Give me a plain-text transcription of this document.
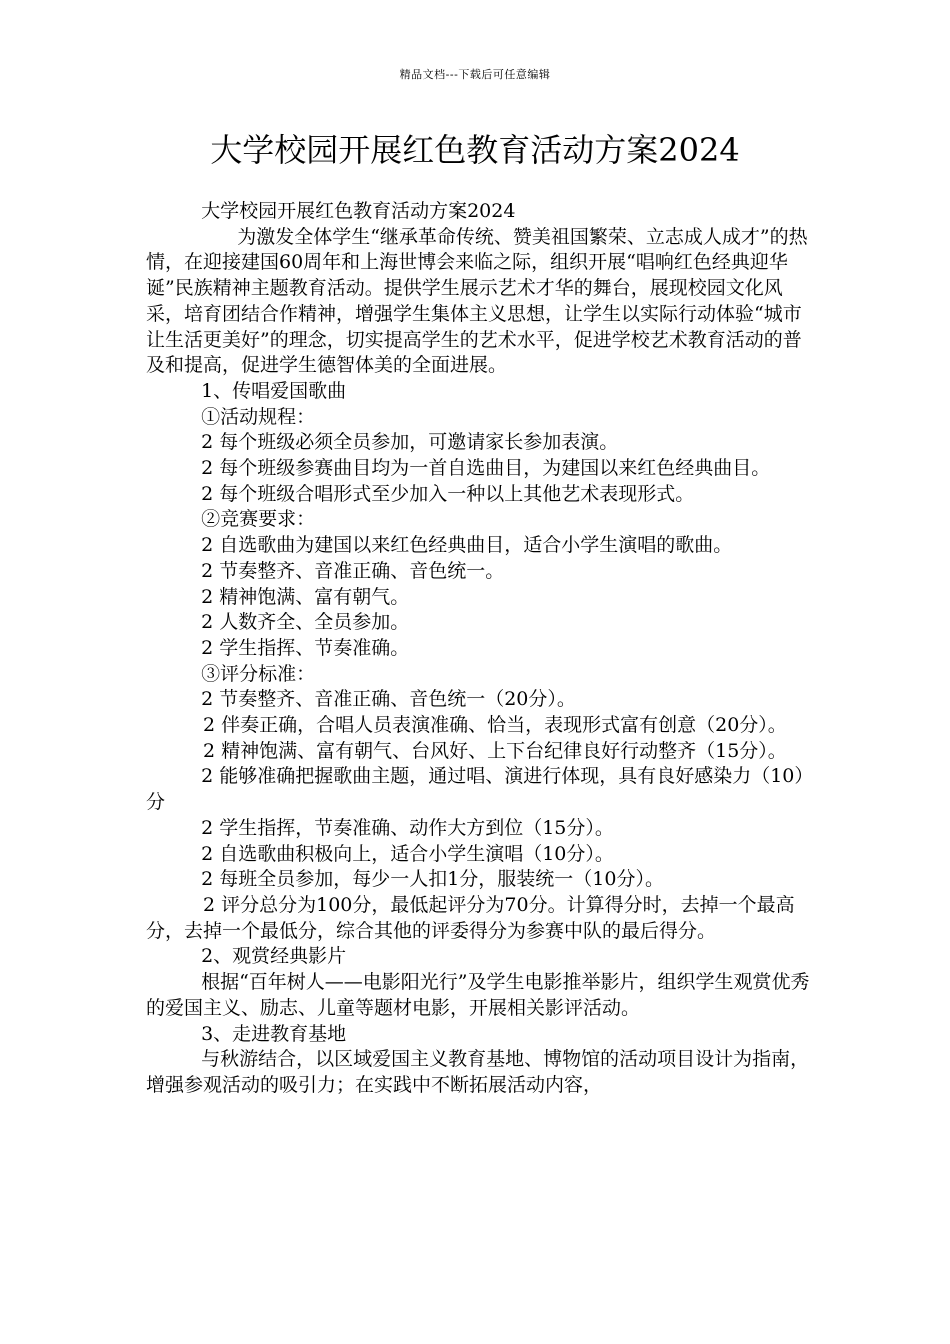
精品文档---下载后可任意编辑
大学校园开展红色教育活动方案2024

大学校园开展红色教育活动方案2024

为激发全体学生“继承革命传统、赞美祖国繁荣、立志成人成才”的热情，在迎接建国60周年和上海世博会来临之际，组织开展“唱响红色经典迎华诞”民族精神主题教育活动。提供学生展示艺术才华的舞台，展现校园文化风采，培育团结合作精神，增强学生集体主义思想，让学生以实际行动体验“城市让生活更美好”的理念，切实提高学生的艺术水平，促进学校艺术教育活动的普及和提高，促进学生德智体美的全面进展。

1、传唱爱国歌曲

①活动规程：

2 每个班级必须全员参加，可邀请家长参加表演。

2 每个班级参赛曲目均为一首自选曲目，为建国以来红色经典曲目。

2 每个班级合唱形式至少加入一种以上其他艺术表现形式。

②竞赛要求：

2 自选歌曲为建国以来红色经典曲目，适合小学生演唱的歌曲。

2 节奏整齐、音准正确、音色统一。

2 精神饱满、富有朝气。

2 人数齐全、全员参加。

2 学生指挥、节奏准确。

③评分标准：

2 节奏整齐、音准正确、音色统一（20分）。

2 伴奏正确，合唱人员表演准确、恰当，表现形式富有创意（20分）。

2 精神饱满、富有朝气、台风好、上下台纪律良好行动整齐（15分）。

2 能够准确把握歌曲主题，通过唱、演进行体现，具有良好感染力（10）分

2 学生指挥，节奏准确、动作大方到位（15分）。

2 自选歌曲积极向上，适合小学生演唱（10分）。

2 每班全员参加，每少一人扣1分，服装统一（10分）。

2 评分总分为100分，最低起评分为70分。计算得分时，去掉一个最高分，去掉一个最低分，综合其他的评委得分为参赛中队的最后得分。

2、观赏经典影片

根据“百年树人——电影阳光行”及学生电影推举影片，组织学生观赏优秀的爱国主义、励志、儿童等题材电影，开展相关影评活动。

3、走进教育基地

与秋游结合，以区域爱国主义教育基地、博物馆的活动项目设计为指南，增强参观活动的吸引力；在实践中不断拓展活动内容，
